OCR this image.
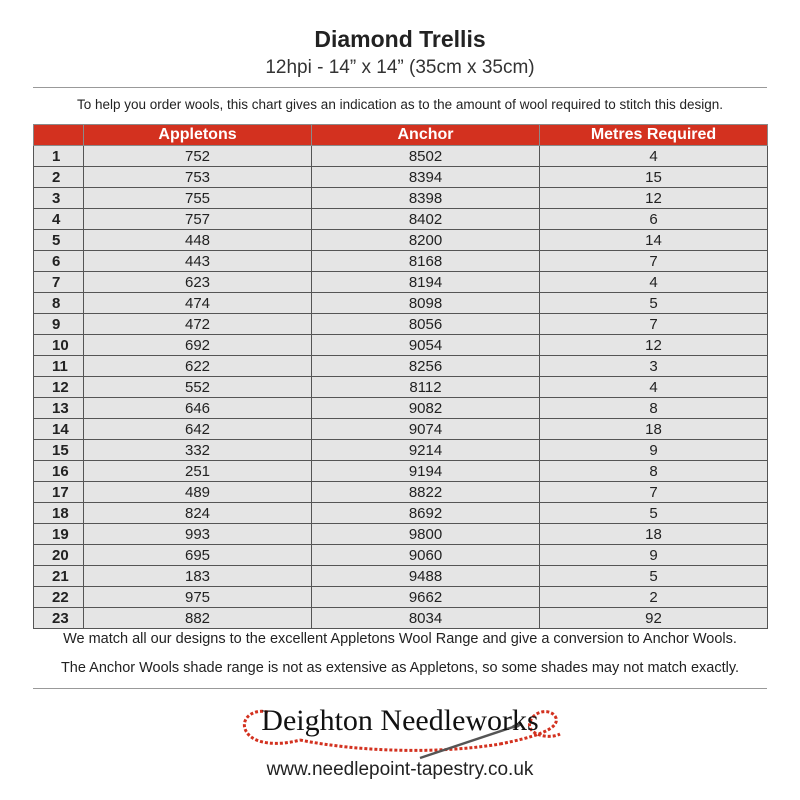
Diamond Trellis
12hpi - 14” x 14” (35cm x 35cm)
To help you order wools, this chart gives an indication as to the amount of wool required to stitch this design.
	Appletons	Anchor	Metres Required
1	752	8502	4
2	753	8394	15
3	755	8398	12
4	757	8402	6
5	448	8200	14
6	443	8168	7
7	623	8194	4
8	474	8098	5
9	472	8056	7
10	692	9054	12
11	622	8256	3
12	552	8112	4
13	646	9082	8
14	642	9074	18
15	332	9214	9
16	251	9194	8
17	489	8822	7
18	824	8692	5
19	993	9800	18
20	695	9060	9
21	183	9488	5
22	975	9662	2
23	882	8034	92
We match all our designs to the excellent Appletons Wool Range and give a conversion to Anchor Wools.
The Anchor Wools shade range is not as extensive as Appletons, so some shades may not match exactly.
Deighton Needleworks
www.needlepoint-tapestry.co.uk
